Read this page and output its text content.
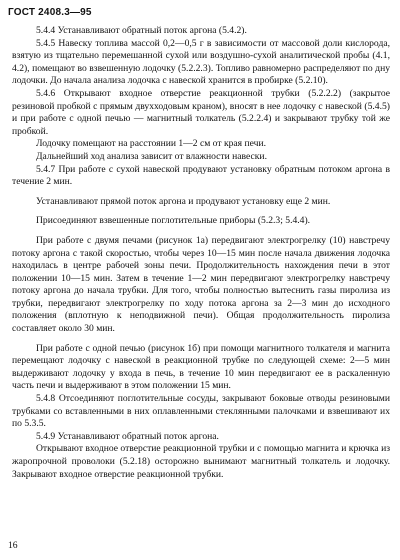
ГОСТ 2408.3—95

5.4.4 Устанавливают обратный поток аргона (5.4.2).

5.4.5 Навеску топлива массой 0,2—0,5 г в зависимости от массовой доли кислорода, взятую из тщательно перемешанной сухой или воздушно-сухой аналитической пробы (4.1, 4.2), помещают во взвешенную лодочку (5.2.2.3). Топливо равномерно распределяют по дну лодочки. До начала анализа лодочка с навеской хранится в пробирке (5.2.10).

5.4.6 Открывают входное отверстие реакционной трубки (5.2.2.2) (закрытое резиновой пробкой с прямым двухходовым краном), вносят в нее лодочку с навеской (5.4.5) и при работе с одной печью — магнитный толкатель (5.2.2.4) и закрывают трубку той же пробкой.

Лодочку помещают на расстоянии 1—2 см от края печи.

Дальнейший ход анализа зависит от влажности навески.

5.4.7 При работе с сухой навеской продувают установку обратным потоком аргона в течение 2 мин.

Устанавливают прямой поток аргона и продувают установку еще 2 мин.

Присоединяют взвешенные поглотительные приборы (5.2.3; 5.4.4).

При работе с двумя печами (рисунок 1а) передвигают электрогрелку (10) навстречу потоку аргона с такой скоростью, чтобы через 10—15 мин после начала движения лодочка находилась в центре рабочей зоны печи. Продолжительность нахождения печи в этот положении 10—15 мин. Затем в течение 1—2 мин передвигают электрогрелку навстречу потоку аргона до начала трубки. Для того, чтобы полностью вытеснить газы пиролиза из трубки, передвигают электрогрелку по ходу потока аргона за 2—3 мин до исходного положения (вплотную к неподвижной печи). Общая продолжительность пиролиза составляет около 30 мин.

При работе с одной печью (рисунок 1б) при помощи магнитного толкателя и магнита перемещают лодочку с навеской в реакционной трубке по следующей схеме: 2—5 мин выдерживают лодочку у входа в печь, в течение 10 мин передвигают ее в раскаленную часть печи и выдерживают в этом положении 15 мин.

5.4.8 Отсоединяют поглотительные сосуды, закрывают боковые отводы резиновыми трубками со вставленными в них оплавленными стеклянными палочками и взвешивают их по 5.3.5.

5.4.9 Устанавливают обратный поток аргона.

Открывают входное отверстие реакционной трубки и с помощью магнита и крючка из жаропрочной проволоки (5.2.18) осторожно вынимают магнитный толкатель и лодочку. Закрывают входное отверстие реакционной трубки.

16
